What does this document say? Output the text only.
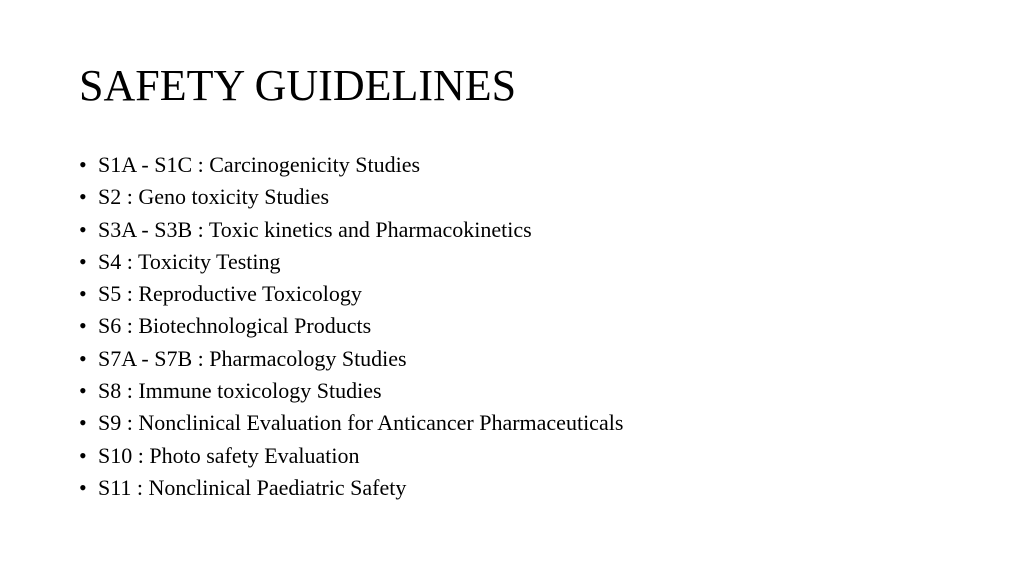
SAFETY GUIDELINES
• S1A - S1C : Carcinogenicity Studies
• S2 : Geno toxicity Studies
• S3A - S3B : Toxic kinetics and Pharmacokinetics
• S4 : Toxicity Testing
• S5 : Reproductive Toxicology
• S6 : Biotechnological Products
• S7A - S7B : Pharmacology Studies
• S8 : Immune toxicology Studies
• S9 : Nonclinical Evaluation for Anticancer Pharmaceuticals
• S10 : Photo safety Evaluation
• S11 : Nonclinical Paediatric Safety
